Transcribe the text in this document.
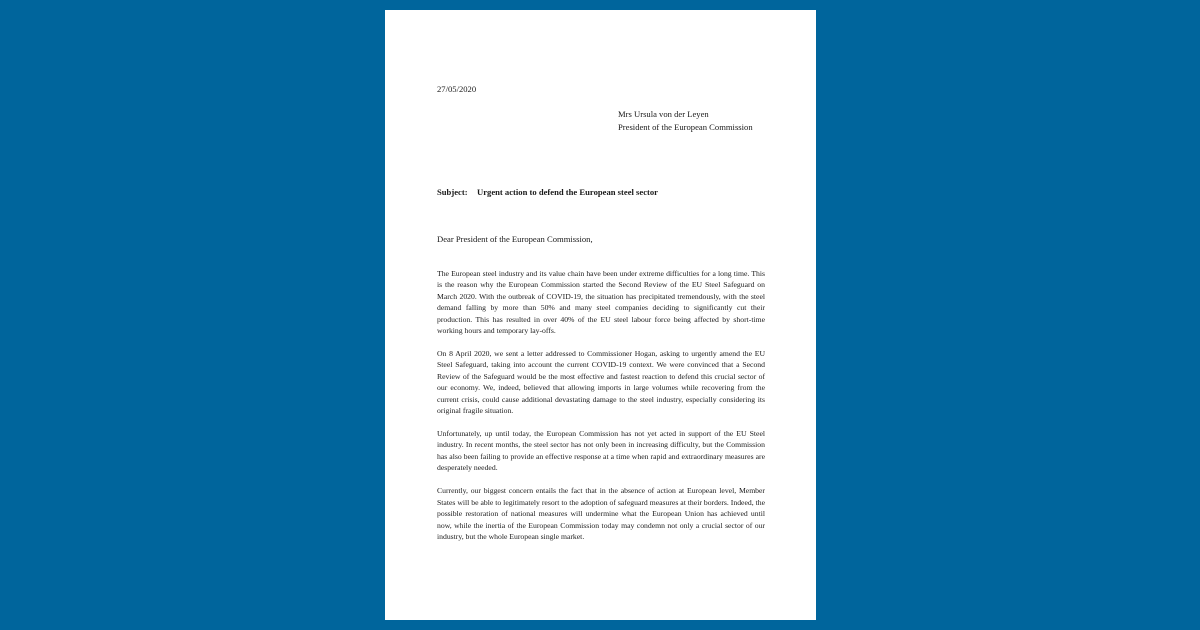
27/05/2020
Mrs Ursula von der Leyen
President of the European Commission
Subject: Urgent action to defend the European steel sector
Dear President of the European Commission,

The European steel industry and its value chain have been under extreme difficulties for a long time. This is the reason why the European Commission started the Second Review of the EU Steel Safeguard on March 2020. With the outbreak of COVID-19, the situation has precipitated tremendously, with the steel demand falling by more than 50% and many steel companies deciding to significantly cut their production. This has resulted in over 40% of the EU steel labour force being affected by short-time working hours and temporary lay-offs.

On 8 April 2020, we sent a letter addressed to Commissioner Hogan, asking to urgently amend the EU Steel Safeguard, taking into account the current COVID-19 context. We were convinced that a Second Review of the Safeguard would be the most effective and fastest reaction to defend this crucial sector of our economy. We, indeed, believed that allowing imports in large volumes while recovering from the current crisis, could cause additional devastating damage to the steel industry, especially considering its original fragile situation.

Unfortunately, up until today, the European Commission has not yet acted in support of the EU Steel industry. In recent months, the steel sector has not only been in increasing difficulty, but the Commission has also been failing to provide an effective response at a time when rapid and extraordinary measures are desperately needed.

Currently, our biggest concern entails the fact that in the absence of action at European level, Member States will be able to legitimately resort to the adoption of safeguard measures at their borders. Indeed, the possible restoration of national measures will undermine what the European Union has achieved until now, while the inertia of the European Commission today may condemn not only a crucial sector of our industry, but the whole European single market.
